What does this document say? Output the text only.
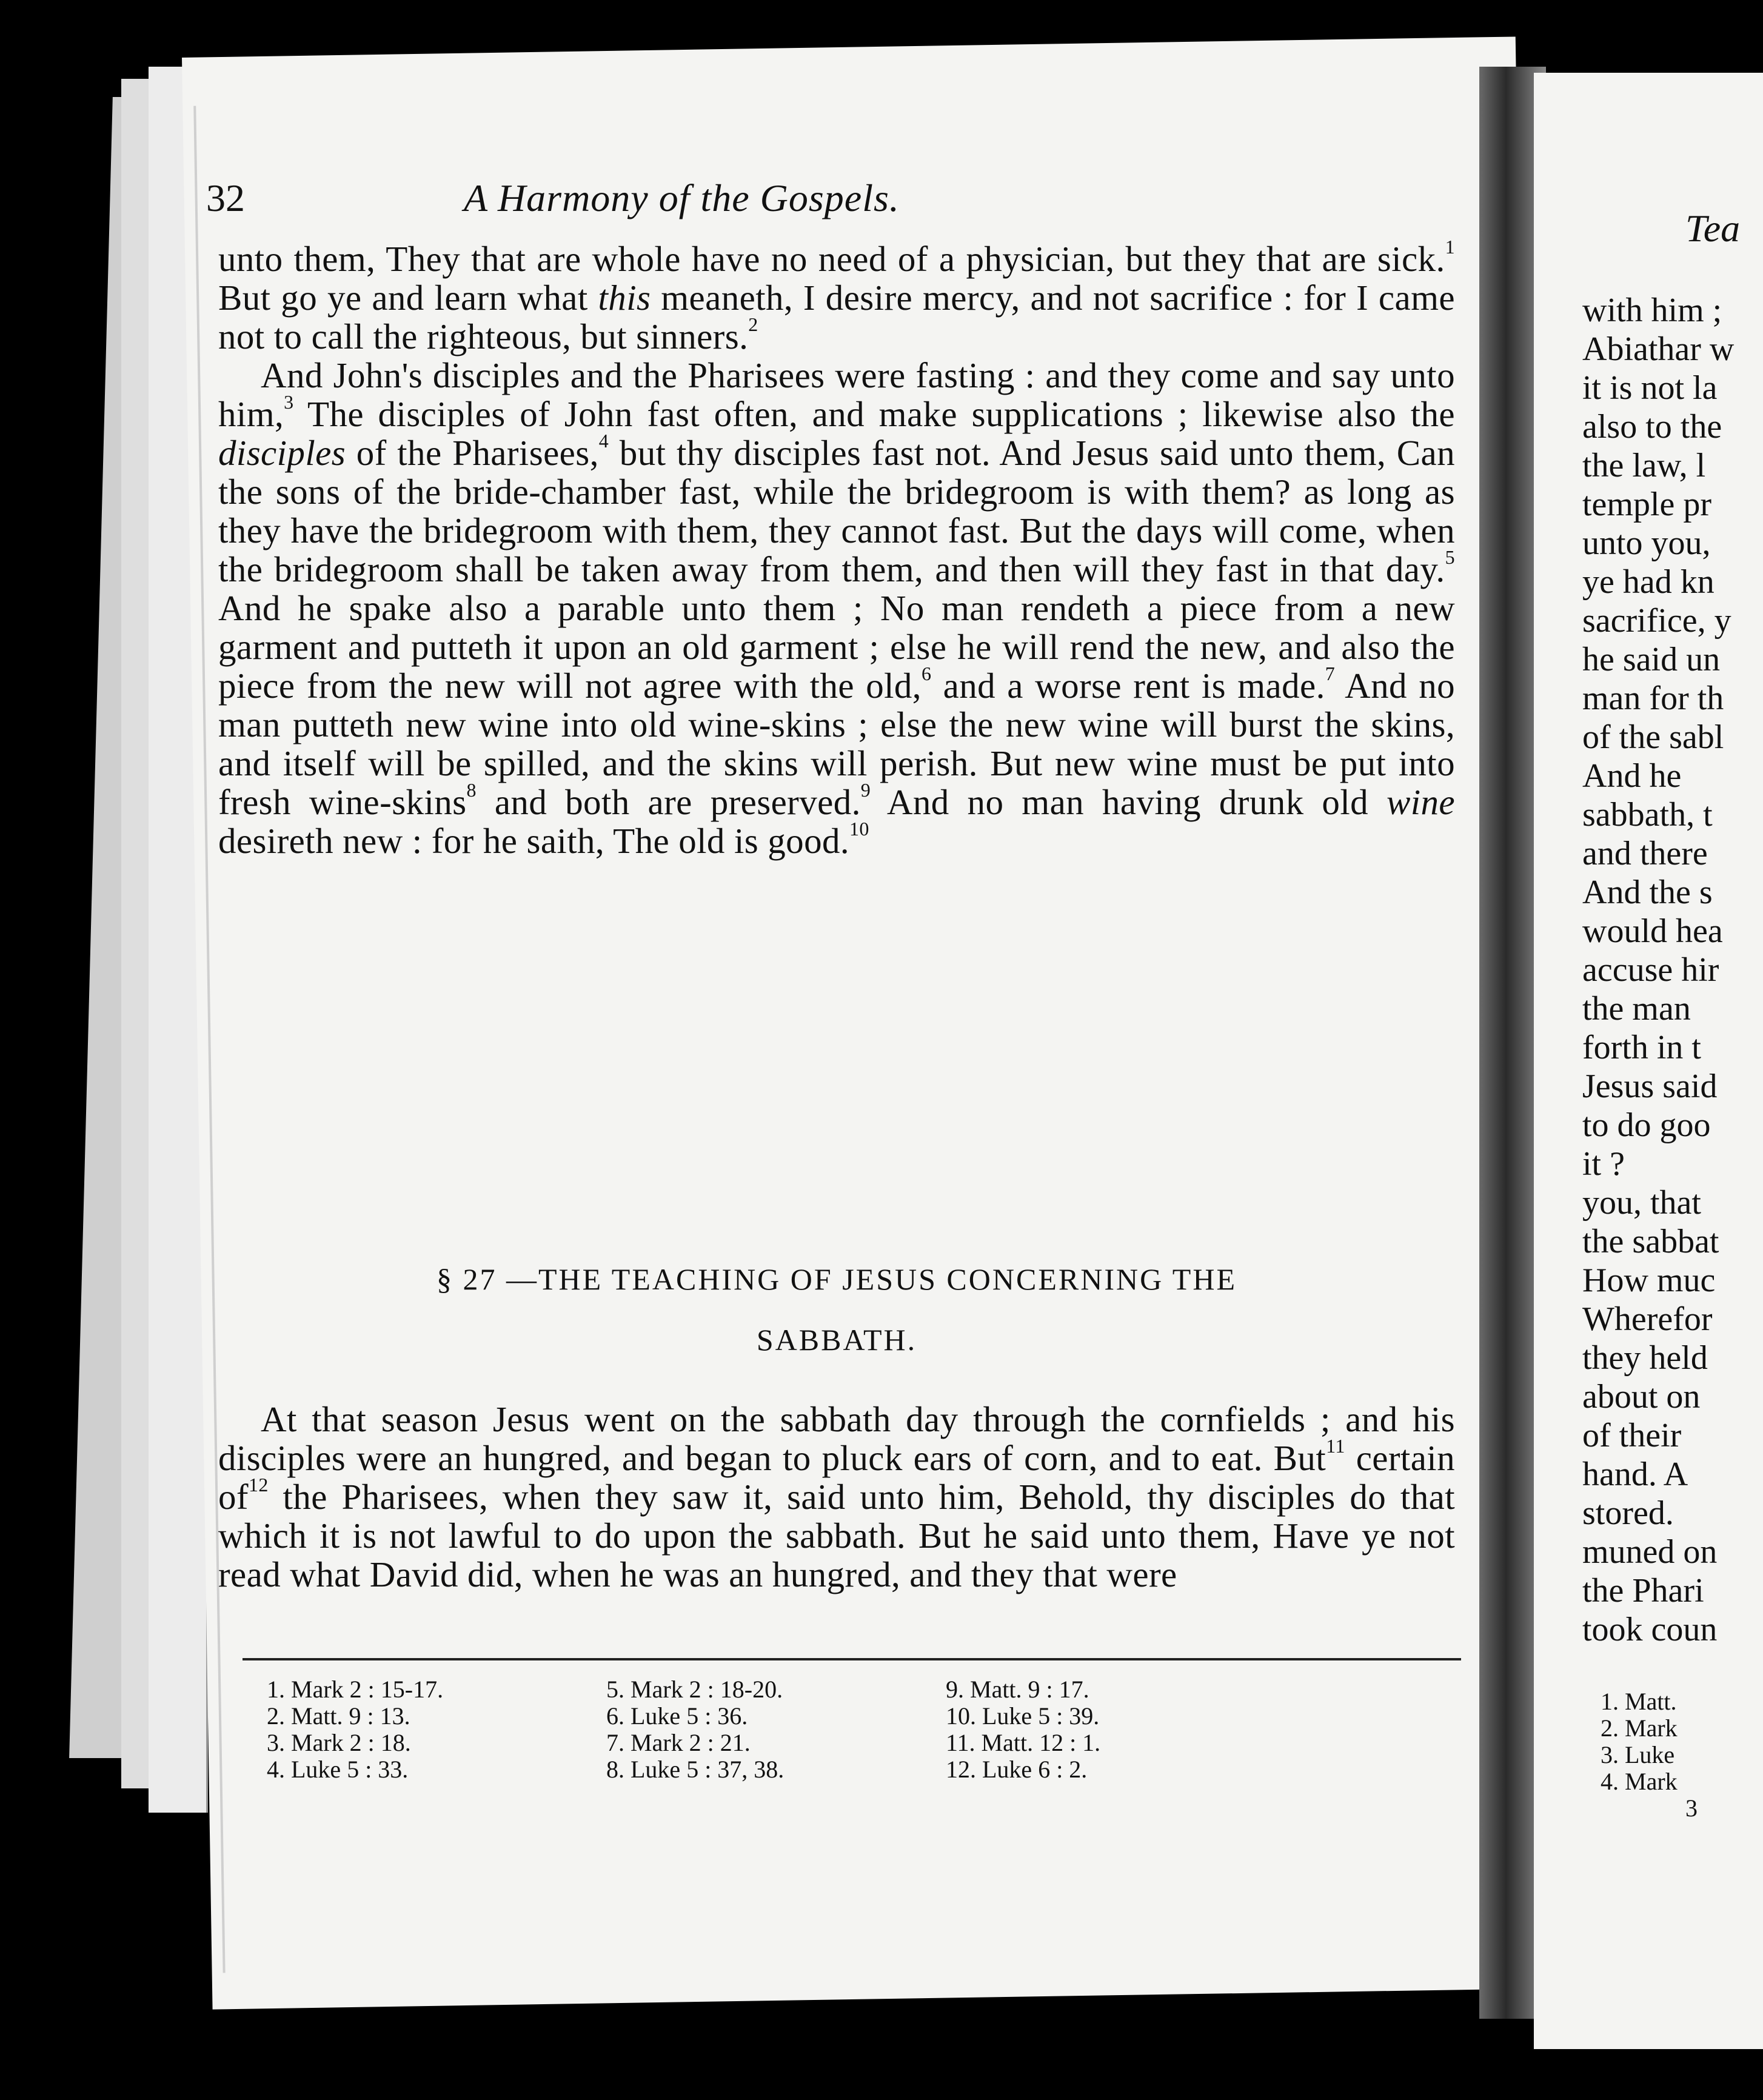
32	A Harmony of the Gospels.

unto them, They that are whole have no need of a physician, but they that are sick.$^1$ But go ye and learn what this meaneth, I desire mercy, and not sacrifice : for I came not to call the righteous, but sinners.$^2$

And John's disciples and the Pharisees were fasting : and they come and say unto him,$^3$ The disciples of John fast often, and make supplications ; likewise also the disciples of the Pharisees,$^4$ but thy disciples fast not. And Jesus said unto them, Can the sons of the bride-chamber fast, while the bridegroom is with them? as long as they have the bridegroom with them, they cannot fast. But the days will come, when the bridegroom shall be taken away from them, and then will they fast in that day.$^5$ And he spake also a parable unto them ; No man rendeth a piece from a new garment and putteth it upon an old garment ; else he will rend the new, and also the piece from the new will not agree with the old,$^6$ and a worse rent is made.$^7$ And no man putteth new wine into old wine-skins ; else the new wine will burst the skins, and itself will be spilled, and the skins will perish. But new wine must be put into fresh wine-skins$^8$ and both are preserved.$^9$ And no man having drunk old wine desireth new : for he saith, The old is good.$^{10}$

§ 27 —THE TEACHING OF JESUS CONCERNING THE
SABBATH.

At that season Jesus went on the sabbath day through the cornfields ; and his disciples were an hungred, and began to pluck ears of corn, and to eat. But$^{11}$ certain $of^{12}$ the Pharisees, when they saw it, said unto him, Behold, thy disciples do that which it is not lawful to do upon the sabbath. But he said unto them, Have ye not read what David did, when he was an hungred, and they that were

1. Mark 2 : 15-17.
2. Matt. 9 : 13.
3. Mark 2 : 18.
4. Luke 5 : 33.
5. Mark 2 : 18-20.
6. Luke 5 : 36.
7. Mark 2 : 21.
8. Luke 5 : 37, 38.
9. Matt. 9 : 17.
10. Luke 5 : 39.
11. Matt. 12 : 1.
12. Luke 6 : 2.
Tea
with him ;
Abiathar w
it is not la
also to the
the law, l
temple pr
unto you,
ye had kn
sacrifice, y
he said un
man for th
of the sabl
And he
sabbath, t
and there
And the s
would hea
accuse hir
the man
forth in t
Jesus said
to do goo
it ?
you, that
the sabbat
How muc
Wherefor
they held
about on
of their
hand. A
stored.
muned on
the Phari
took coun
1. Matt.
2. Mark
3. Luke
4. Mark
3
